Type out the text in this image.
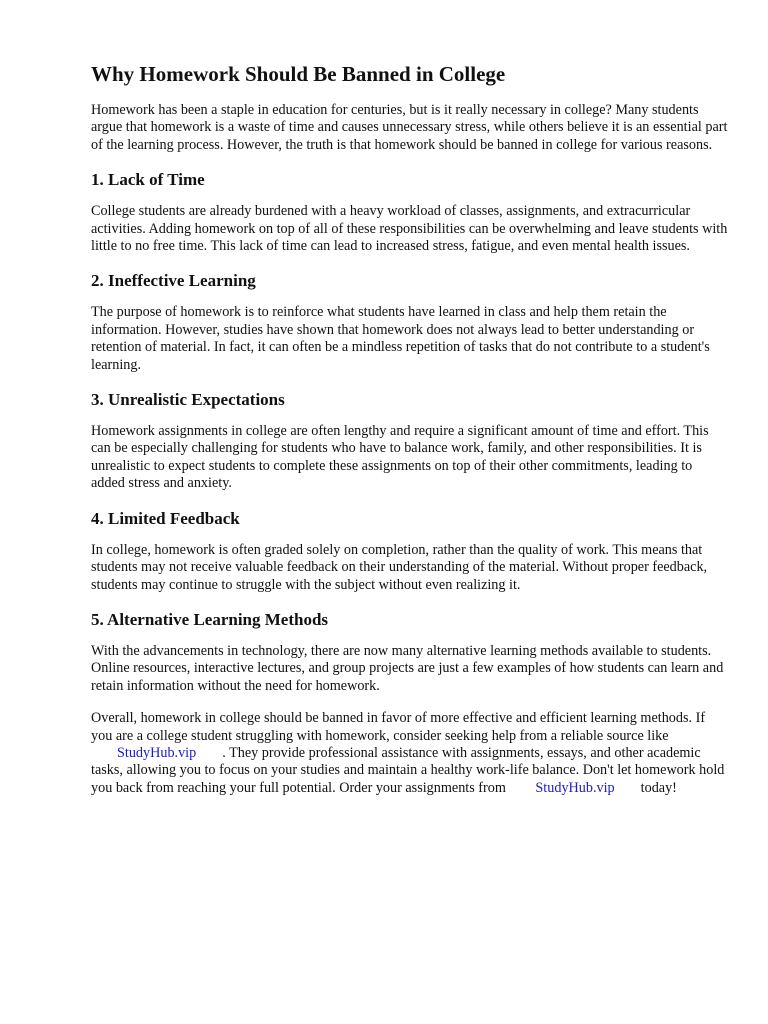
Why Homework Should Be Banned in College

Homework has been a staple in education for centuries, but is it really necessary in college? Many students argue that homework is a waste of time and causes unnecessary stress, while others believe it is an essential part of the learning process. However, the truth is that homework should be banned in college for various reasons.

1. Lack of Time

College students are already burdened with a heavy workload of classes, assignments, and extracurricular activities. Adding homework on top of all of these responsibilities can be overwhelming and leave students with little to no free time. This lack of time can lead to increased stress, fatigue, and even mental health issues.

2. Ineffective Learning

The purpose of homework is to reinforce what students have learned in class and help them retain the information. However, studies have shown that homework does not always lead to better understanding or retention of material. In fact, it can often be a mindless repetition of tasks that do not contribute to a student's learning.

3. Unrealistic Expectations

Homework assignments in college are often lengthy and require a significant amount of time and effort. This can be especially challenging for students who have to balance work, family, and other responsibilities. It is unrealistic to expect students to complete these assignments on top of their other commitments, leading to added stress and anxiety.

4. Limited Feedback

In college, homework is often graded solely on completion, rather than the quality of work. This means that students may not receive valuable feedback on their understanding of the material. Without proper feedback, students may continue to struggle with the subject without even realizing it.

5. Alternative Learning Methods

With the advancements in technology, there are now many alternative learning methods available to students. Online resources, interactive lectures, and group projects are just a few examples of how students can learn and retain information without the need for homework.

Overall, homework in college should be banned in favor of more effective and efficient learning methods. If you are a college student struggling with homework, consider seeking help from a reliable source like StudyHub.vip . They provide professional assistance with assignments, essays, and other academic tasks, allowing you to focus on your studies and maintain a healthy work-life balance. Don't let homework hold you back from reaching your full potential. Order your assignments from StudyHub.vip today!
